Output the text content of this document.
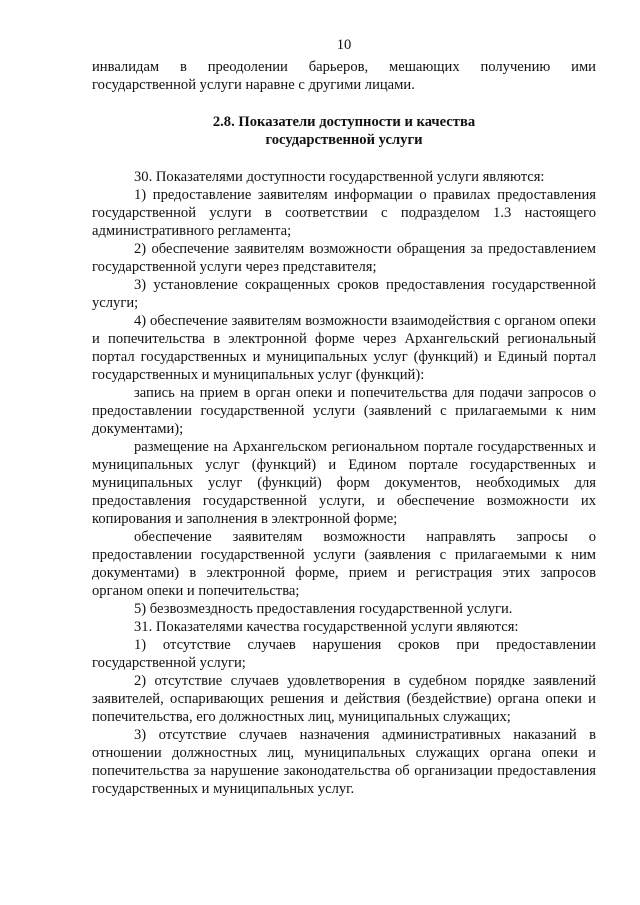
10

инвалидам в преодолении барьеров, мешающих получению ими государственной услуги наравне с другими лицами.

2.8. Показатели доступности и качества
государственной услуги

30. Показателями доступности государственной услуги являются:

1) предоставление заявителям информации о правилах предоставления государственной услуги в соответствии с подразделом 1.3 настоящего административного регламента;

2) обеспечение заявителям возможности обращения за предоставлением государственной услуги через представителя;

3) установление сокращенных сроков предоставления государственной услуги;

4) обеспечение заявителям возможности взаимодействия с органом опеки и попечительства в электронной форме через Архангельский региональный портал государственных и муниципальных услуг (функций) и Единый портал государственных и муниципальных услуг (функций):

запись на прием в орган опеки и попечительства для подачи запросов о предоставлении государственной услуги (заявлений с прилагаемыми к ним документами);

размещение на Архангельском региональном портале государственных и муниципальных услуг (функций) и Едином портале государственных и муниципальных услуг (функций) форм документов, необходимых для предоставления государственной услуги, и обеспечение возможности их копирования и заполнения в электронной форме;

обеспечение заявителям возможности направлять запросы о предоставлении государственной услуги (заявления с прилагаемыми к ним документами) в электронной форме, прием и регистрация этих запросов органом опеки и попечительства;

5) безвозмездность предоставления государственной услуги.

31. Показателями качества государственной услуги являются:

1) отсутствие случаев нарушения сроков при предоставлении государственной услуги;

2) отсутствие случаев удовлетворения в судебном порядке заявлений заявителей, оспаривающих решения и действия (бездействие) органа опеки и попечительства, его должностных лиц, муниципальных служащих;

3) отсутствие случаев назначения административных наказаний в отношении должностных лиц, муниципальных служащих органа опеки и попечительства за нарушение законодательства об организации предоставления государственных и муниципальных услуг.
